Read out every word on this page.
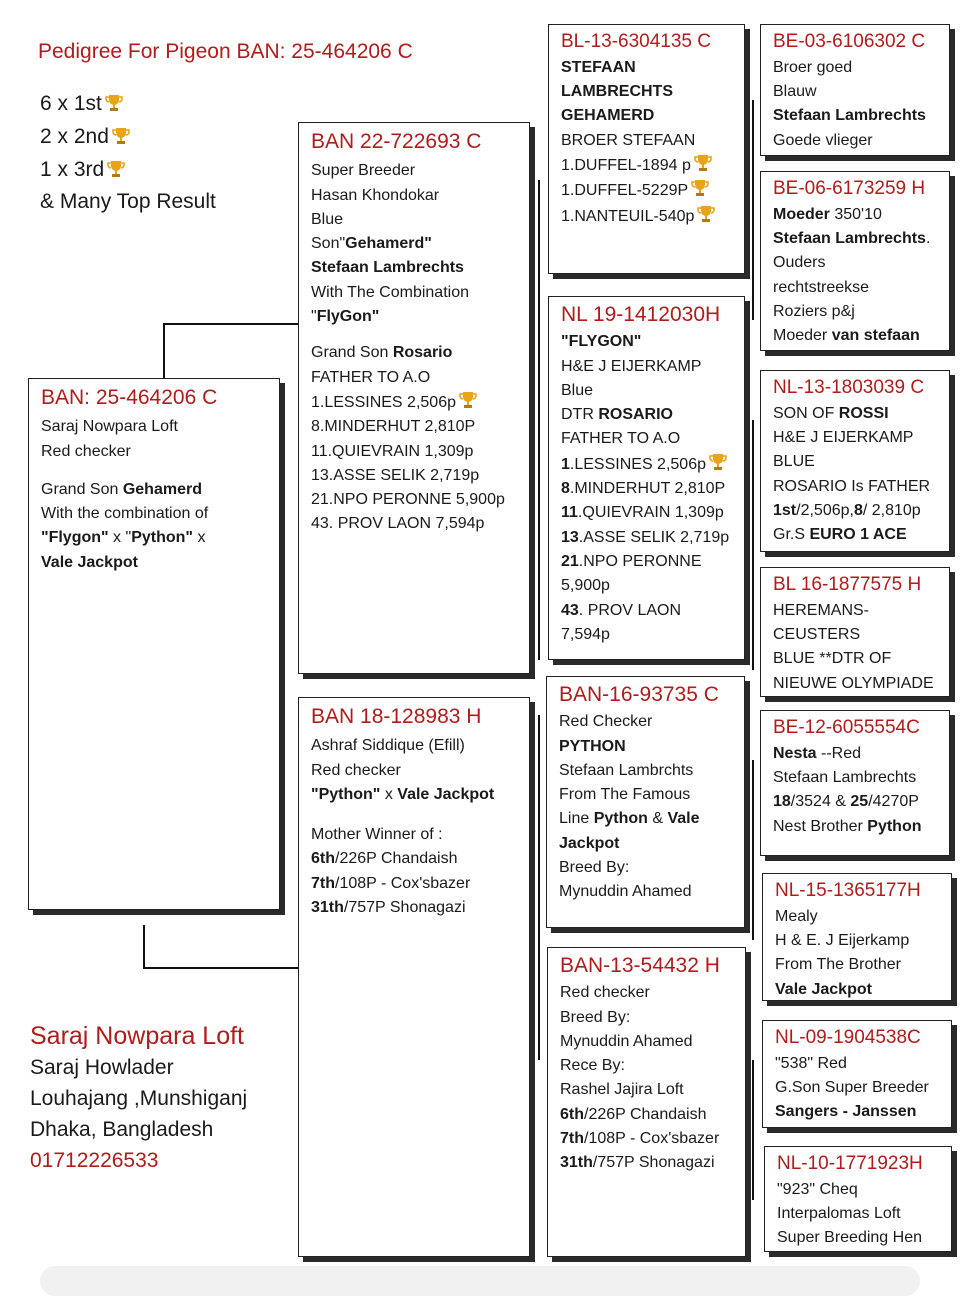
Pedigree For Pigeon BAN: 25-464206 C
6 x 1st
2 x 2nd
1 x 3rd
& Many Top Result
BAN: 25-464206 C
Saraj Nowpara Loft
Red checker
Grand Son Gehamerd
With the combination of
"Flygon" x "Python" x
Vale Jackpot
BAN 22-722693 C
Super Breeder
Hasan Khondokar
Blue
Son"Gehamerd"
Stefaan Lambrechts
With The Combination
"FlyGon"
Grand Son Rosario
FATHER TO A.O
1.LESSINES 2,506p
8.MINDERHUT 2,810P
11.QUIEVRAIN 1,309p
13.ASSE SELIK 2,719p
21.NPO PERONNE 5,900p
43. PROV LAON 7,594p
BAN 18-128983 H
Ashraf Siddique (Efill)
Red checker
"Python" x Vale Jackpot
Mother Winner of :
6th/226P Chandaish
7th/108P - Cox'sbazer
31th/757P Shonagazi
BL-13-6304135 C
STEFAAN
LAMBRECHTS
GEHAMERD
BROER STEFAAN
1.DUFFEL-1894 p
1.DUFFEL-5229P
1.NANTEUIL-540p
NL 19-1412030H
"FLYGON"
H&E J EIJERKAMP
Blue
DTR ROSARIO
FATHER TO A.O
1.LESSINES 2,506p
8.MINDERHUT 2,810P
11.QUIEVRAIN 1,309p
13.ASSE SELIK 2,719p
21.NPO PERONNE
5,900p
43. PROV LAON
7,594p
BAN-16-93735 C
Red Checker
PYTHON
Stefaan Lambrchts
From The Famous
Line Python & Vale
Jackpot
Breed By:
Mynuddin Ahamed
BAN-13-54432 H
Red checker
Breed By:
Mynuddin Ahamed
Rece By:
Rashel Jajira Loft
6th/226P Chandaish
7th/108P - Cox'sbazer
31th/757P Shonagazi
BE-03-6106302 C
Broer goed
Blauw
Stefaan Lambrechts
Goede vlieger
BE-06-6173259 H
Moeder 350'10
Stefaan Lambrechts.
Ouders
rechtstreekse
Roziers p&j
Moeder van stefaan
NL-13-1803039 C
SON OF ROSSI
H&E J EIJERKAMP
BLUE
ROSARIO Is FATHER
1st/2,506p,8/ 2,810p
Gr.S EURO 1 ACE
BL 16-1877575 H
HEREMANS-
CEUSTERS
BLUE **DTR OF
NIEUWE OLYMPIADE
BE-12-6055554C
Nesta --Red
Stefaan Lambrechts
18/3524 & 25/4270P
Nest Brother Python
NL-15-1365177H
Mealy
H & E. J Eijerkamp
From The Brother
Vale Jackpot
NL-09-1904538C
"538" Red
G.Son Super Breeder
Sangers - Janssen
NL-10-1771923H
"923" Cheq
Interpalomas Loft
Super Breeding Hen
Saraj Nowpara Loft
Saraj Howlader
Louhajang ,Munshiganj
Dhaka, Bangladesh
01712226533
